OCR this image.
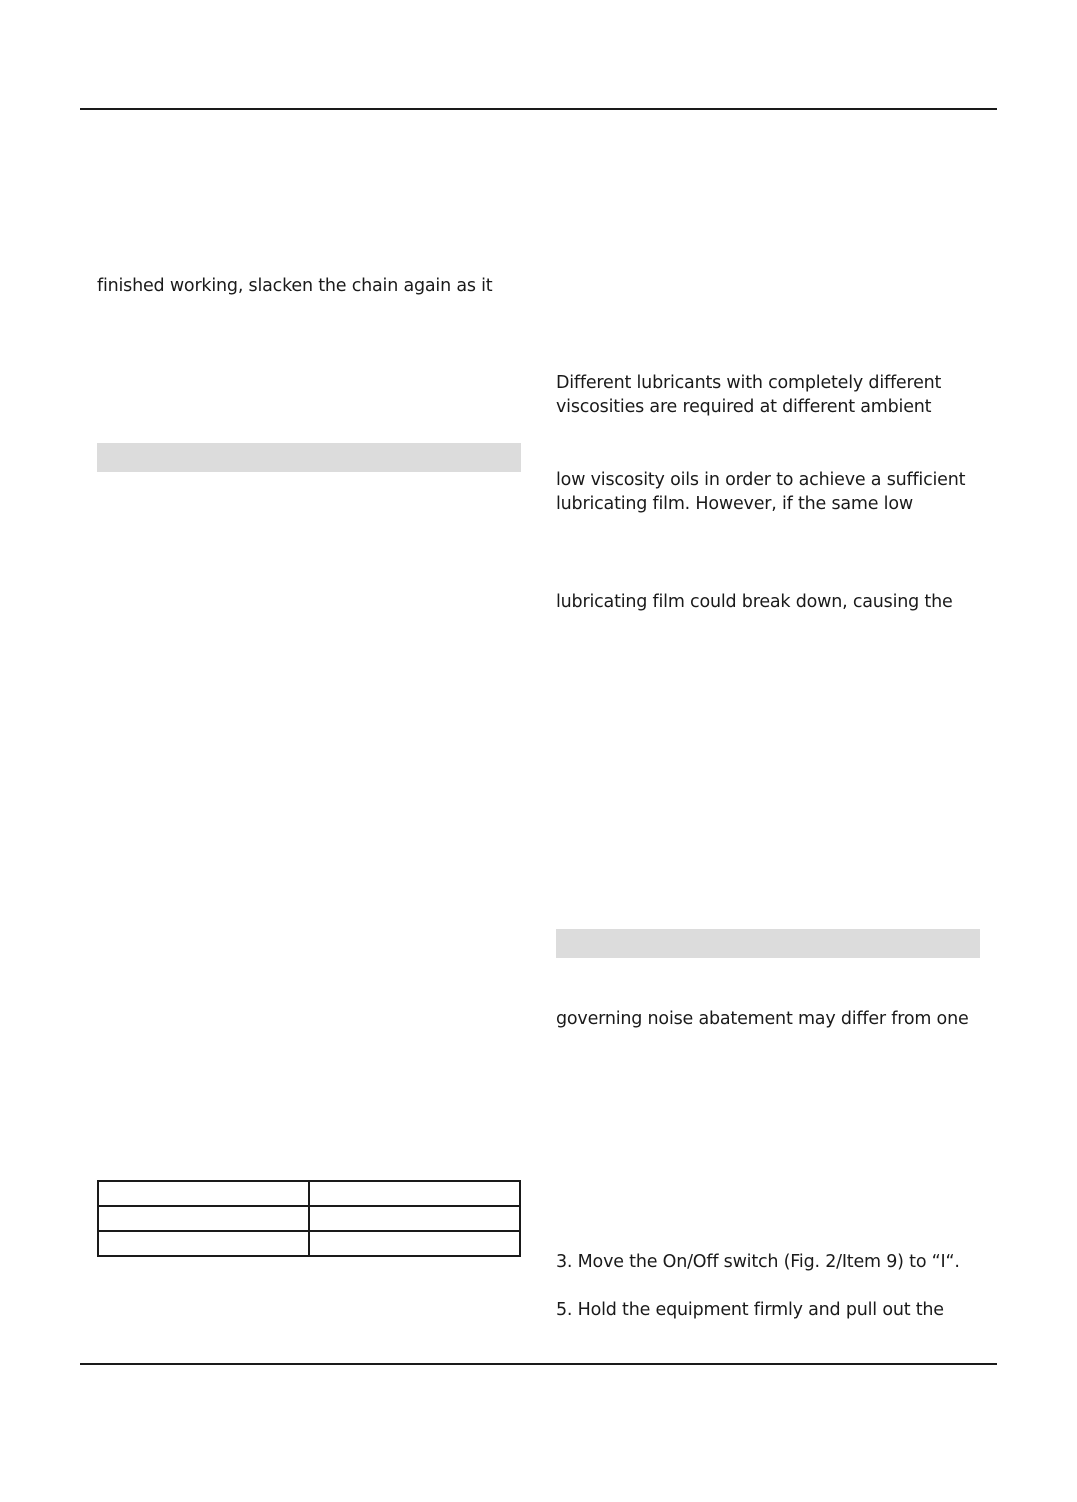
finished working, slacken the chain again as it

Different lubricants with completely different
viscosities are required at different ambient
low viscosity oils in order to achieve a sufficient
lubricating film. However, if the same low
lubricating film could break down, causing the
governing noise abatement may differ from one
3. Move the On/Off switch (Fig. 2/Item 9) to “I“.
5. Hold the equipment firmly and pull out the
